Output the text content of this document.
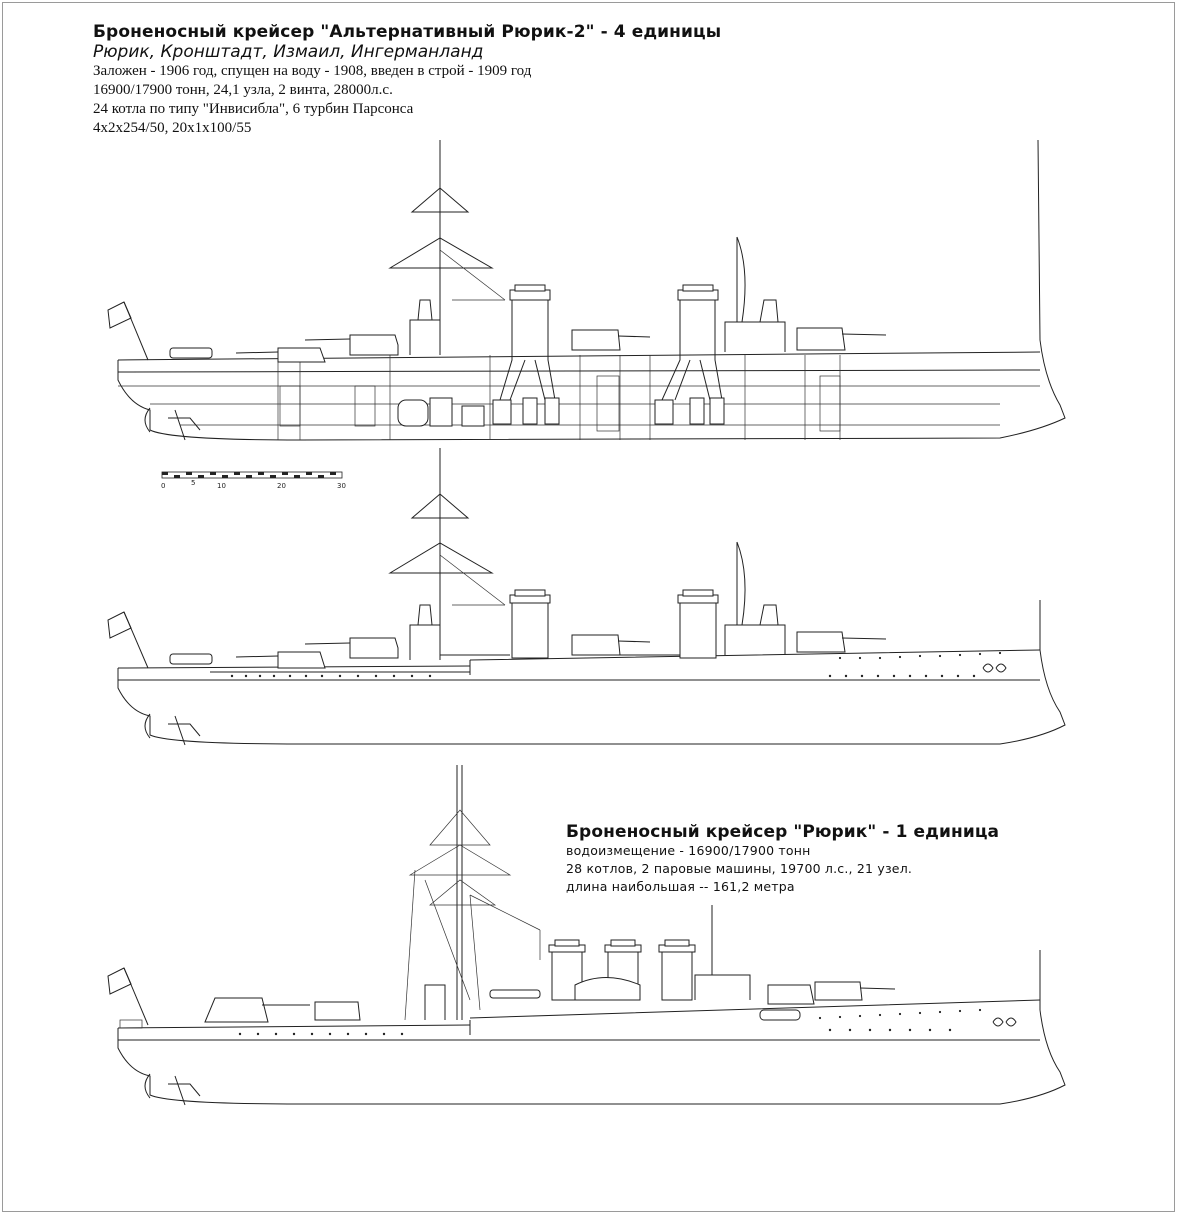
Броненосный крейсер "Альтернативный Рюрик-2" - 4 единицы
Рюрик, Кронштадт, Измаил, Ингерманланд
Заложен - 1906 год, спущен на воду - 1908, введен в строй - 1909 год
16900/17900 тонн, 24,1 узла, 2 винта, 28000л.с.
24 котла по типу "Инвисибла", 6 турбин Парсонса
4x2x254/50, 20x1x100/55
Броненосный крейсер "Рюрик" - 1 единица
водоизмещение - 16900/17900 тонн
28 котлов, 2 паровые машины, 19700 л.с., 21 узел.
длина наибольшая -- 161,2 метра
0	5	10	20	30
